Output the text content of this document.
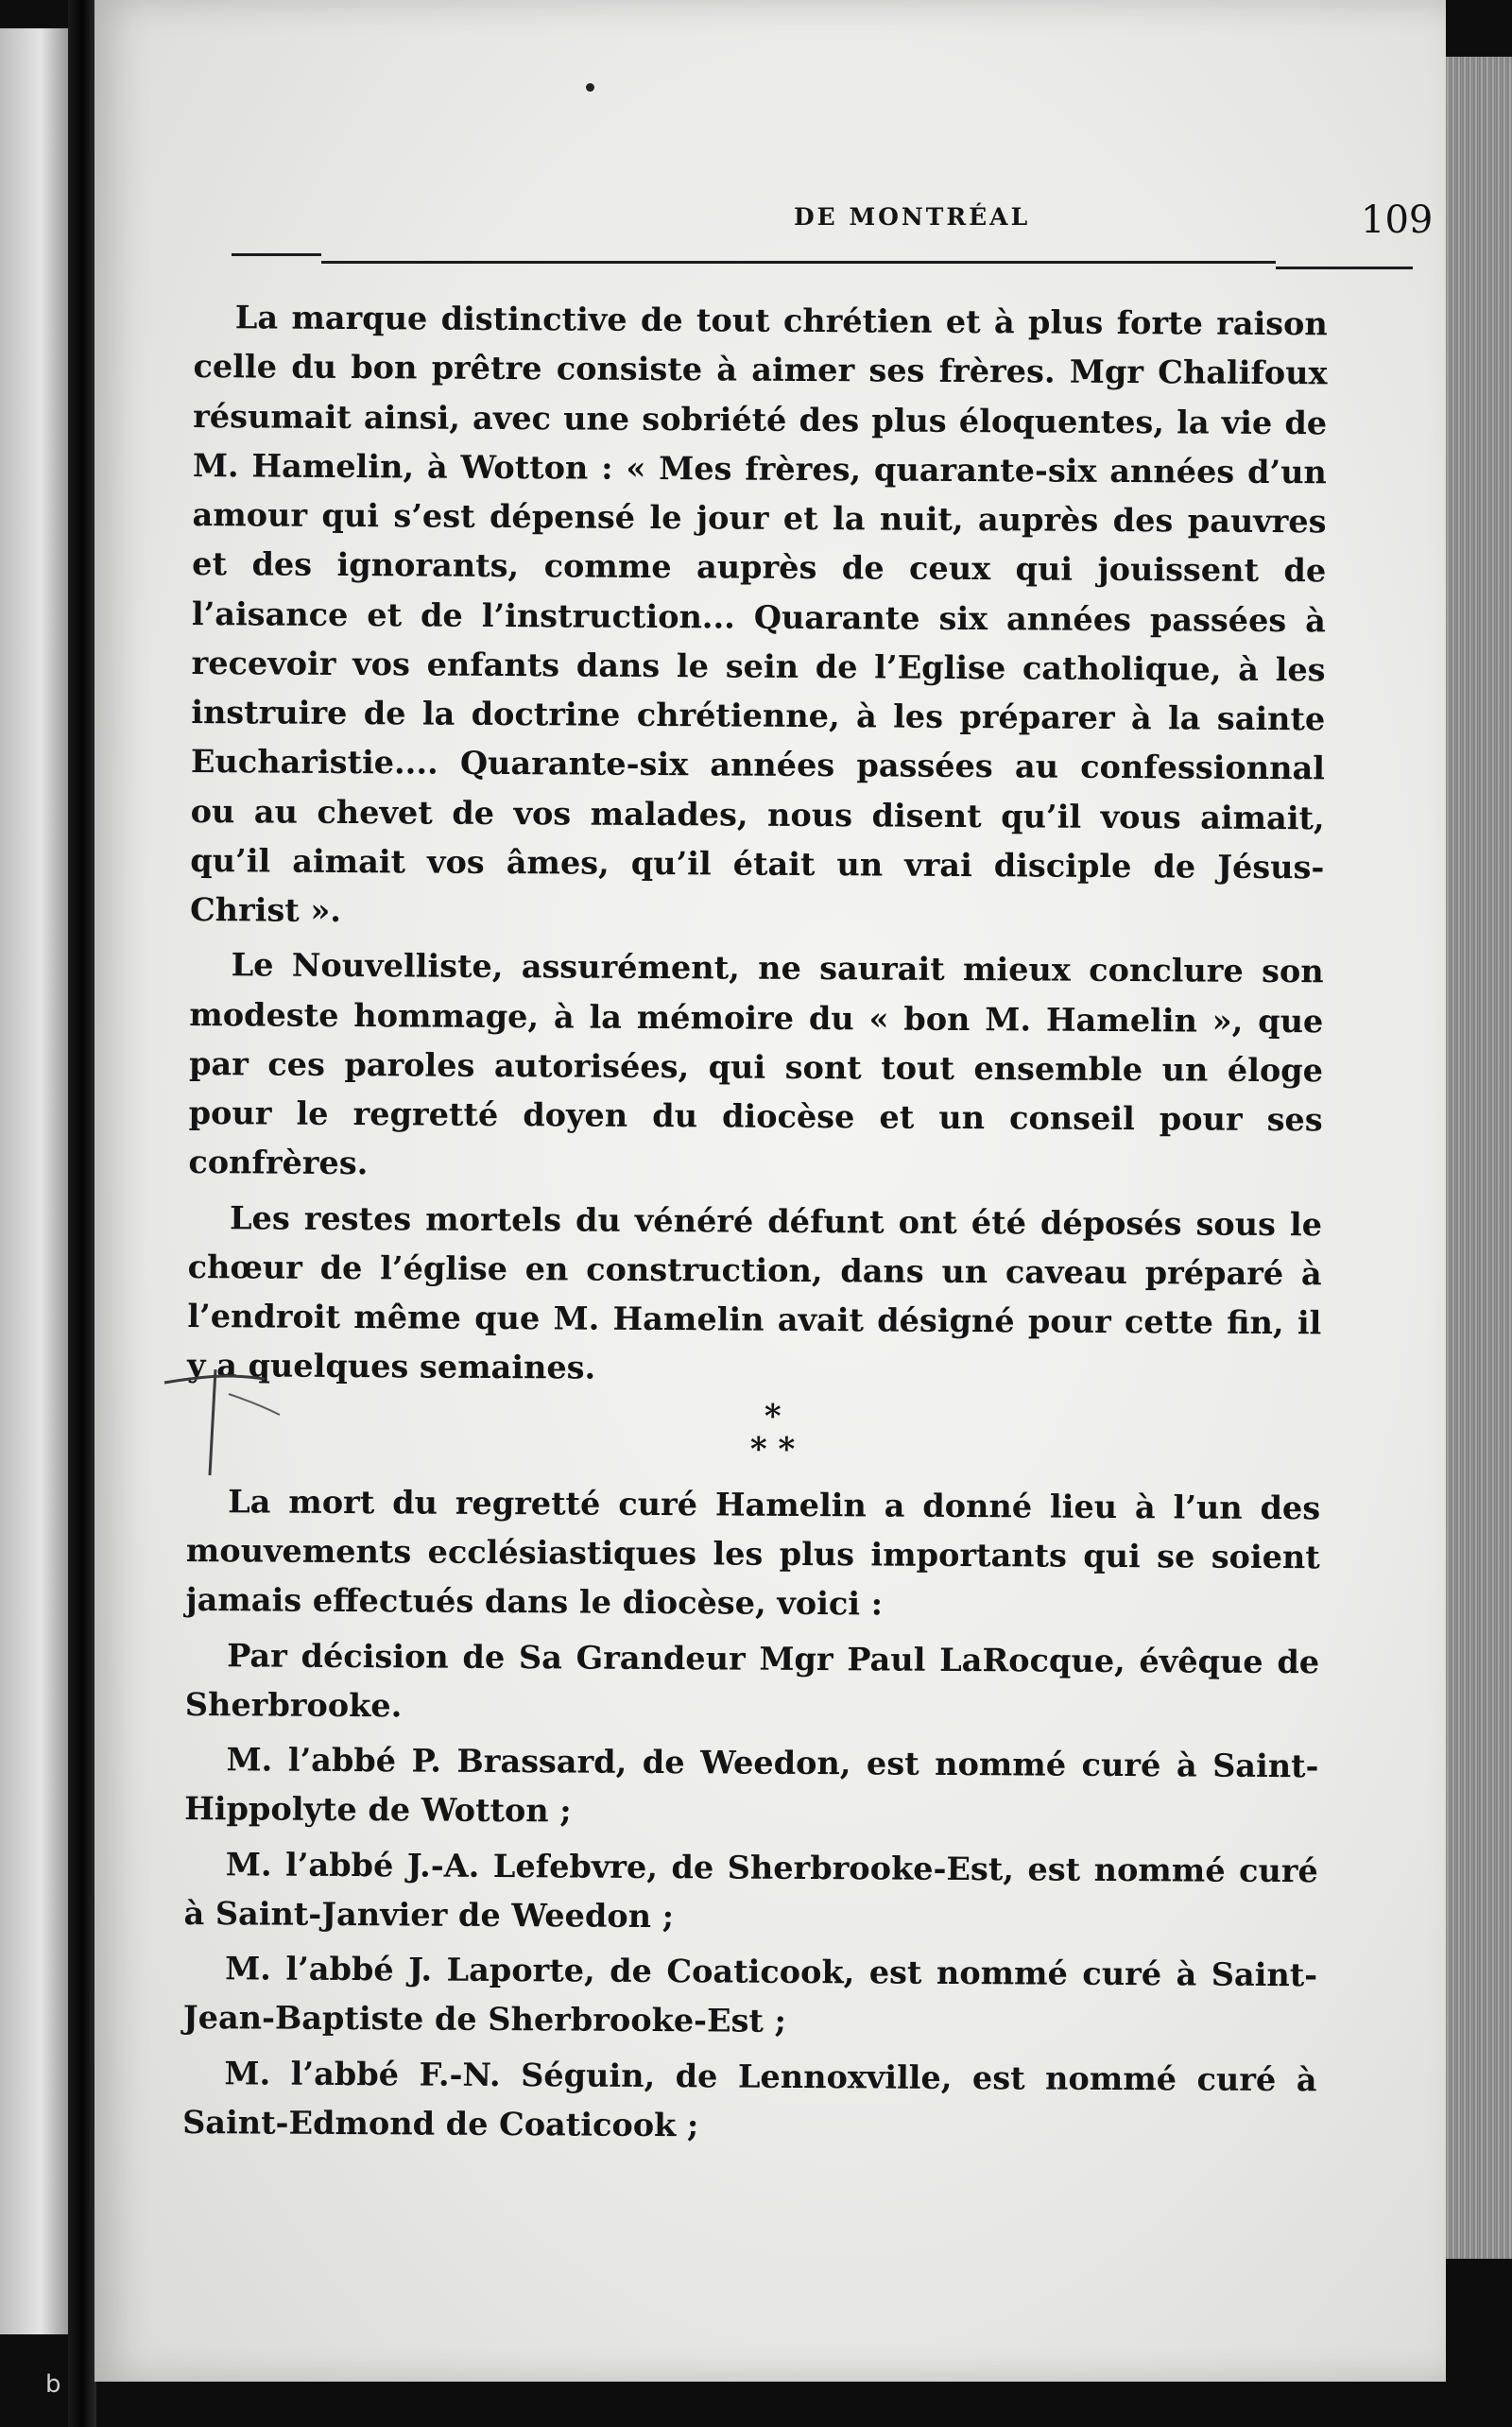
DE MONTRÉAL	109

La marque distinctive de tout chrétien et à plus forte raison celle du bon prêtre consiste à aimer ses frères. Mgr Chalifoux résumait ainsi, avec une sobriété des plus éloquentes, la vie de M. Hamelin, à Wotton : « Mes frères, quarante-six années d’un amour qui s’est dépensé le jour et la nuit, auprès des pauvres et des ignorants, comme auprès de ceux qui jouissent de l’aisance et de l’instruction... Quarante six années passées à recevoir vos enfants dans le sein de l’Eglise catholique, à les instruire de la doctrine chrétienne, à les préparer à la sainte Eucharistie.... Quarante-six années passées au confessionnal ou au chevet de vos malades, nous disent qu’il vous aimait, qu’il aimait vos âmes, qu’il était un vrai disciple de Jésus-Christ ».

Le Nouvelliste, assurément, ne saurait mieux conclure son modeste hommage, à la mémoire du « bon M. Hamelin », que par ces paroles autorisées, qui sont tout ensemble un éloge pour le regretté doyen du diocèse et un conseil pour ses confrères.

Les restes mortels du vénéré défunt ont été déposés sous le chœur de l’église en construction, dans un caveau préparé à l’endroit même que M. Hamelin avait désigné pour cette fin, il y a quelques semaines.

*
* *

La mort du regretté curé Hamelin a donné lieu à l’un des mouvements ecclésiastiques les plus importants qui se soient jamais effectués dans le diocèse, voici :

Par décision de Sa Grandeur Mgr Paul LaRocque, évêque de Sherbrooke.

M. l’abbé P. Brassard, de Weedon, est nommé curé à Saint-Hippolyte de Wotton ;

M. l’abbé J.-A. Lefebvre, de Sherbrooke-Est, est nommé curé à Saint-Janvier de Weedon ;

M. l’abbé J. Laporte, de Coaticook, est nommé curé à Saint-Jean-Baptiste de Sherbrooke-Est ;

M. l’abbé F.-N. Séguin, de Lennoxville, est nommé curé à Saint-Edmond de Coaticook ;

b
